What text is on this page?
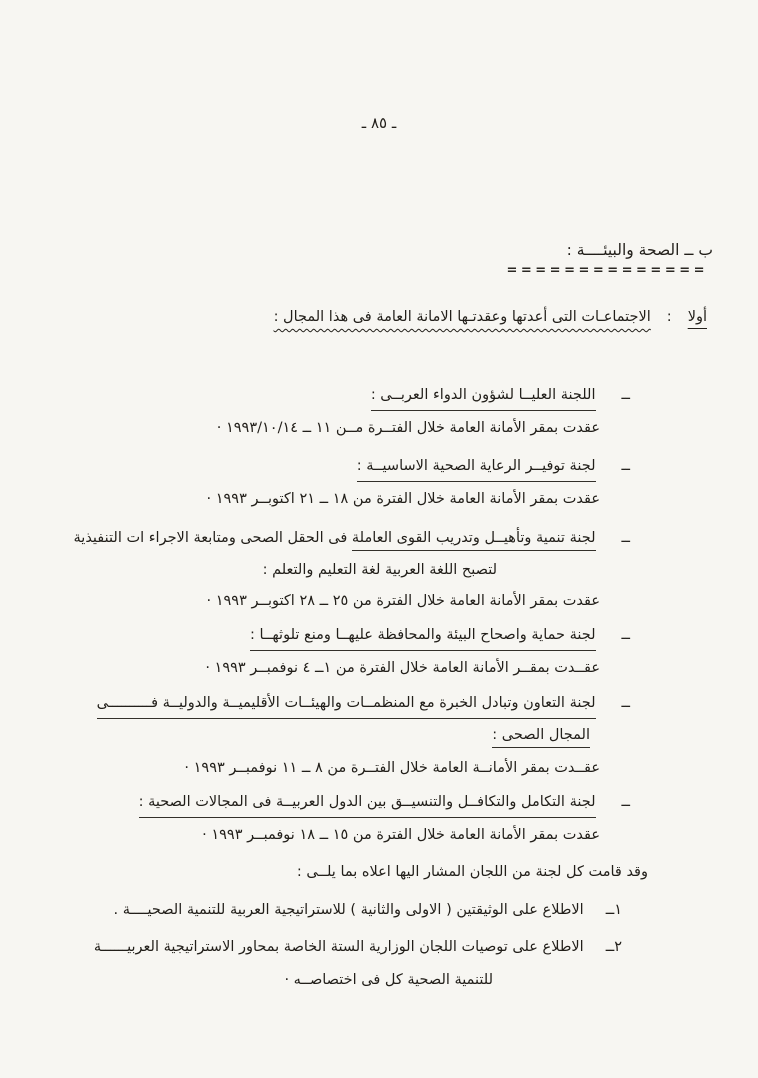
ـ ٨٥ ـ
ب ــ الصحة والبيئــــة :
==============
أولا
:
الاجتماعـات التى أعدتها وعقدتـها الامانة العامة فى هذا المجال :
ــ
اللجنة العليــا لشؤون الدواء العربــى :
عقدت بمقر الأمانة العامة خلال الفتــرة مــن ١١ ــ ١٩٩٣/١٠/١٤ ·
ــ
لجنة توفيــر الرعاية الصحية الاساسيــة :
عقدت بمقر الأمانة العامة خلال الفترة من ١٨ ــ ٢١ اكتوبــر ١٩٩٣ ·
ــ
لجنة تنمية وتأهيــل وتدريب القوى العاملة فى الحقل الصحى ومتابعة الاجراء ات التنفيذية
لتصبح اللغة العربية لغة التعليم والتعلم :
عقدت بمقر الأمانة العامة خلال الفترة من ٢٥ ــ ٢٨ اكتوبــر ١٩٩٣ ·
ــ
لجنة حماية واصحاح البيئة والمحافظة عليهــا ومنع تلوثهــا :
عقــدت بمقــر الأمانة العامة خلال الفترة من ١ــ ٤ نوفمبــر ١٩٩٣ ·
ــ
لجنة التعاون وتبادل الخبرة مع المنظمــات والهيئــات الأقليميــة والدوليــة فــــــــــى
المجال الصحى :
عقــدت بمقر الأمانــة العامة خلال الفتــرة من ٨ ــ ١١ نوفمبــر ١٩٩٣ ·
ــ
لجنة التكامل والتكافــل والتنسيــق بين الدول العربيــة فى المجالات الصحية :
عقدت بمقر الأمانة العامة خلال الفترة من ١٥ ــ ١٨ نوفمبــر ١٩٩٣ ·
وقد قامت كل لجنة من اللجان المشار اليها اعلاه بما يلــى :
١ــ
الاطلاع على الوثيقتين ( الاولى والثانية ) للاستراتيجية العربية للتنمية الصحيــــة .
٢ــ
الاطلاع على توصيات اللجان الوزارية الستة الخاصة بمحاور الاستراتيجية العربيــــــة
للتنمية الصحية كل فى اختصاصــه ·
